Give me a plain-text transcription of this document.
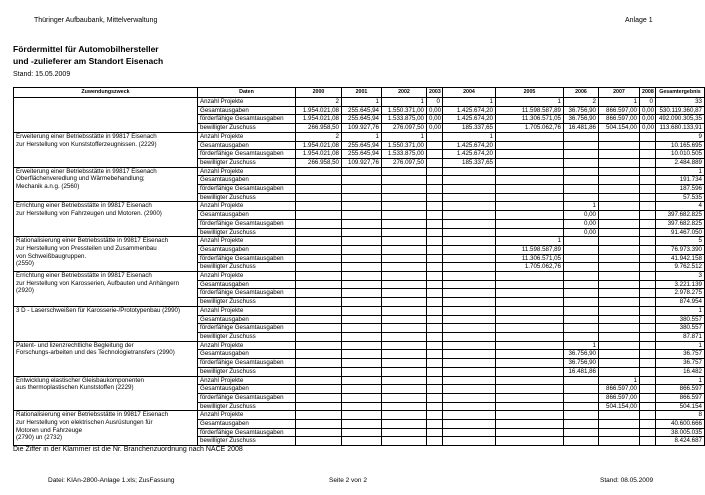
Thüringer Aufbaubank, Mittelverwaltung	Anlage 1
Fördermittel für Automobilhersteller
und -zulieferer am Standort Eisenach
Stand: 15.05.2009
Zuwendungszweck	Daten	2000	2001	2002	2003	2004	2005	2006	2007	2008	Gesamtergebnis
	Anzahl Projekte	2	1	1	0	1	1	2	1	0	33
	Gesamtausgaben	1.954.021,08	255.645,94	1.550.371,00	0,00	1.425.674,20	11.598.587,89	36.756,90	866.597,00	0,00	530.119.360,87
	förderfähige Gesamtausgaben	1.954.021,08	255.645,94	1.533.875,00	0,00	1.425.674,20	11.306.571,05	36.756,90	866.597,00	0,00	492.090.305,35
	bewilligter Zuschuss	266.958,50	109.927,76	276.097,50	0,00	185.337,65	1.705.062,76	16.481,86	504.154,00	0,00	113.680.133,91

Erweiterung einer Betriebsstätte in 99817 Eisenach
zur Herstellung von Kunststofferzeugnissen. (2229)	Anzahl Projekte	2	1	1		1					9
	Gesamtausgaben	1.954.021,08	255.645,94	1.550.371,00		1.425.674,20					10.165.695
	förderfähige Gesamtausgaben	1.954.021,08	255.645,94	1.533.875,00		1.425.674,20					10.010.505
	bewilligter Zuschuss	266.958,50	109.927,76	276.097,50		185.337,65					2.484.889

Erweiterung einer Betriebsstätte in 99817 Eisenach
Oberflächenveredlung und Wärmebehandlung;
Mechanik a.n.g. (2560)	Anzahl Projekte										1
	Gesamtausgaben										191.734
	förderfähige Gesamtausgaben										187.596
	bewilligter Zuschuss										57.535

Errichtung einer Betriebsstätte in 99817 Eisenach
zur Herstellung von Fahrzeugen und Motoren. (2900)	Anzahl Projekte							1			4
	Gesamtausgaben							0,00			397.682.825
	förderfähige Gesamtausgaben							0,00			397.682.825
	bewilligter Zuschuss							0,00			91.467.050

Rationalisierung einer Betriebsstätte in 99817 Eisenach
zur Herstellung von Pressteilen und Zusammenbau
von Schweißbaugruppen.
(2550)	Anzahl Projekte						1				5
	Gesamtausgaben						11.598.587,89				76.973.390
	förderfähige Gesamtausgaben						11.306.571,05				41.942.158
	bewilligter Zuschuss						1.705.062,76				9.762.512

Errichtung einer Betriebsstätte in 99817 Eisenach
zur Herstellung von Karosserien, Aufbauten und Anhängern
(2920)	Anzahl Projekte										3
	Gesamtausgaben										3.221.139
	förderfähige Gesamtausgaben										2.978.275
	bewilligter Zuschuss										874.954

3 D - Laserschweißen für Karosserie-/Prototypenbau (2990)	Anzahl Projekte										1
	Gesamtausgaben										380.557
	förderfähige Gesamtausgaben										380.557
	bewilligter Zuschuss										87.871

Patent- und lizenzrechtliche Begleitung der
Forschungs-arbeiten und des Technologietransfers (2990)	Anzahl Projekte							1			1
	Gesamtausgaben							36.756,90			36.757
	förderfähige Gesamtausgaben							36.756,90			36.757
	bewilligter Zuschuss							16.481,86			16.482

Entwicklung elastischer Gleisbaukomponenten
aus thermoplastischen Kunststoffen (2229)	Anzahl Projekte								1		1
	Gesamtausgaben								866.597,00		866.597
	förderfähige Gesamtausgaben								866.597,00		866.597
	bewilligter Zuschuss								504.154,00		504.154

Rationalisierung einer Betriebsstätte in 99817 Eisenach
zur Herstellung von elektrischen Ausrüstungen für
Motoren und Fahrzeuge
(2790) un (2732)	Anzahl Projekte										8
	Gesamtausgaben										40.600.666
	förderfähige Gesamtausgaben										38.005.035
	bewilligter Zuschuss										8.424.687
Die Ziffer in der Klammer ist die Nr. Branchenzuordnung nach NACE 2008
Datei: KIAn-2800-Anlage 1.xls; ZusFassung	Seite 2 von 2	Stand: 08.05.2009
